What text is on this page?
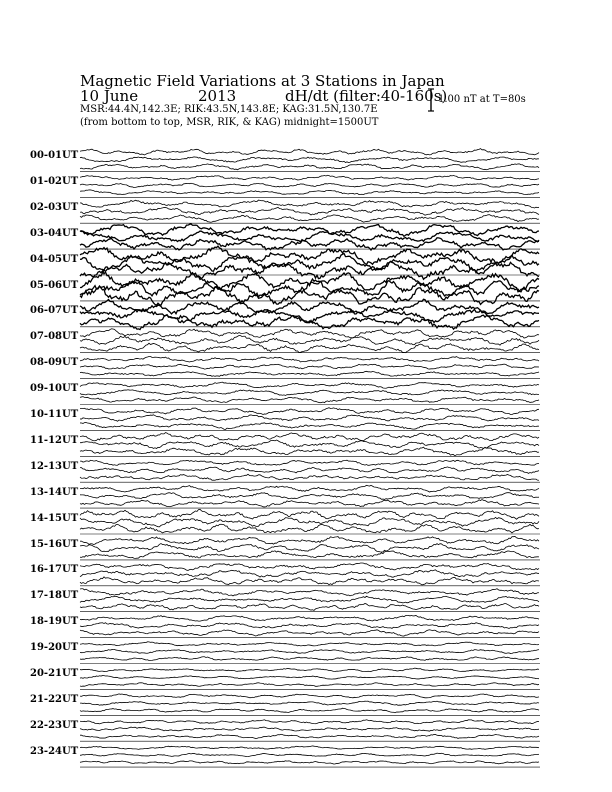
Magnetic Field Variations at 3 Stations in Japan
10 June	2013	dH/dt (filter:40-160s)
MSR:44.4N,142.3E; RIK:43.5N,143.8E; KAG:31.5N,130.7E
(from bottom to top, MSR, RIK, & KAG) midnight=1500UT
1.00 nT at T=80s
00-01UT
01-02UT
02-03UT
03-04UT
04-05UT
05-06UT
06-07UT
07-08UT
08-09UT
09-10UT
10-11UT
11-12UT
12-13UT
13-14UT
14-15UT
15-16UT
16-17UT
17-18UT
18-19UT
19-20UT
20-21UT
21-22UT
22-23UT
23-24UT
